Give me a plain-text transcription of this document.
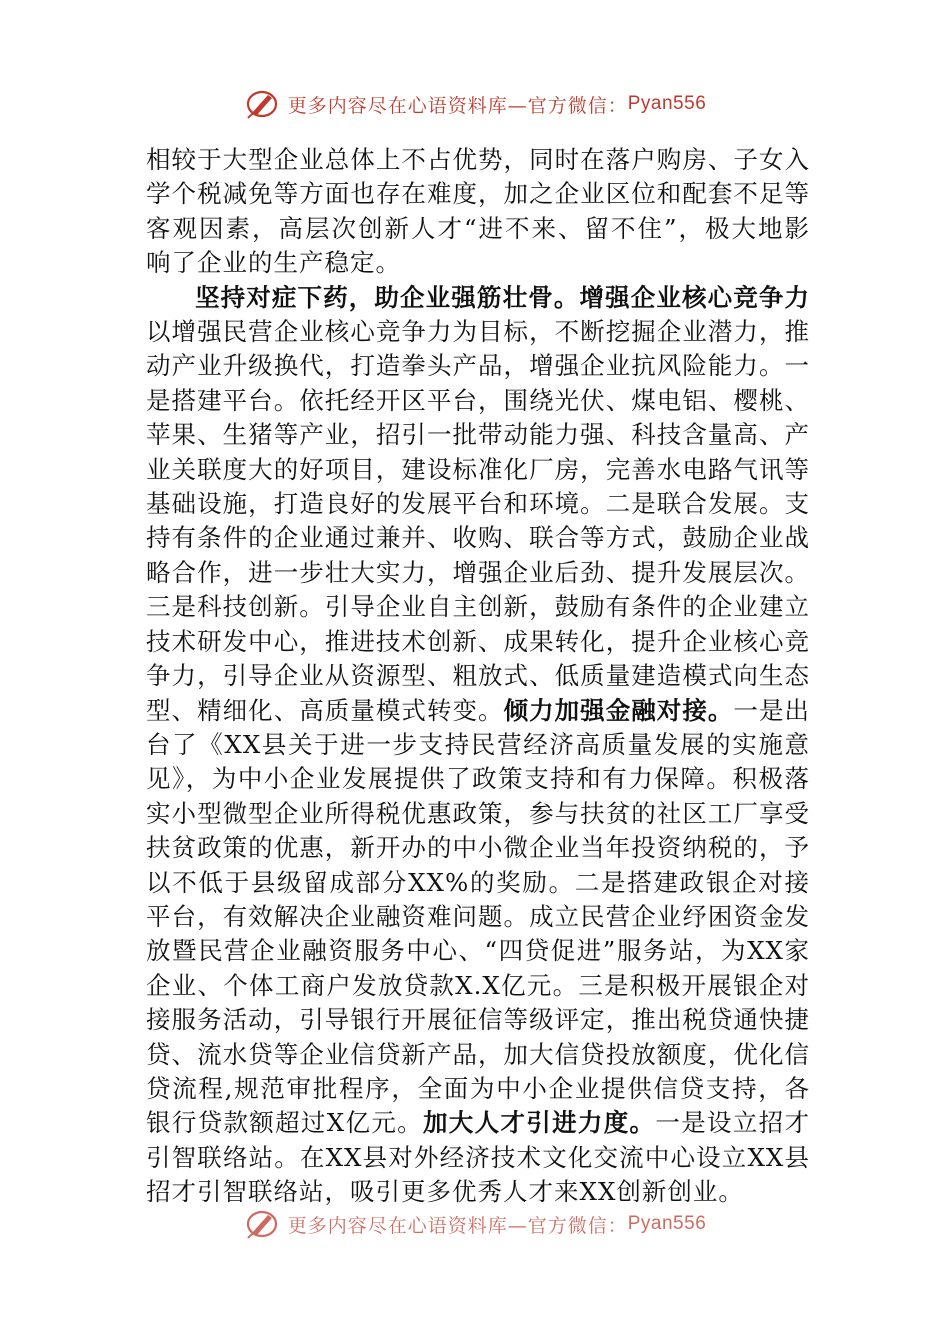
更多内容尽在心语资料库—官方微信： Pyan556

相较于大型企业总体上不占优势，同时在落户购房、子女入学个税减免等方面也存在难度，加之企业区位和配套不足等客观因素，高层次创新人才“进不来、留不住”，极大地影响了企业的生产稳定。

坚持对症下药，助企业强筋壮骨。增强企业核心竞争力以增强民营企业核心竞争力为目标，不断挖掘企业潜力，推动产业升级换代，打造拳头产品，增强企业抗风险能力。一是搭建平台。依托经开区平台，围绕光伏、煤电铝、樱桃、苹果、生猪等产业，招引一批带动能力强、科技含量高、产业关联度大的好项目，建设标准化厂房，完善水电路气讯等基础设施，打造良好的发展平台和环境。二是联合发展。支持有条件的企业通过兼并、收购、联合等方式，鼓励企业战略合作，进一步壮大实力，增强企业后劲、提升发展层次。三是科技创新。引导企业自主创新，鼓励有条件的企业建立技术研发中心，推进技术创新、成果转化，提升企业核心竞争力，引导企业从资源型、粗放式、低质量建造模式向生态型、精细化、高质量模式转变。倾力加强金融对接。一是出台了《XX县关于进一步支持民营经济高质量发展的实施意见》，为中小企业发展提供了政策支持和有力保障。积极落实小型微型企业所得税优惠政策，参与扶贫的社区工厂享受扶贫政策的优惠，新开办的中小微企业当年投资纳税的，予以不低于县级留成部分XX%的奖励。二是搭建政银企对接平台，有效解决企业融资难问题。成立民营企业纾困资金发放暨民营企业融资服务中心、“四贷促进”服务站，为XX家企业、个体工商户发放贷款X.X亿元。三是积极开展银企对接服务活动，引导银行开展征信等级评定，推出税贷通快捷贷、流水贷等企业信贷新产品，加大信贷投放额度，优化信贷流程,规范审批程序，全面为中小企业提供信贷支持，各银行贷款额超过X亿元。加大人才引进力度。一是设立招才引智联络站。在XX县对外经济技术文化交流中心设立XX县招才引智联络站，吸引更多优秀人才来XX创新创业。

更多内容尽在心语资料库—官方微信： Pyan556
